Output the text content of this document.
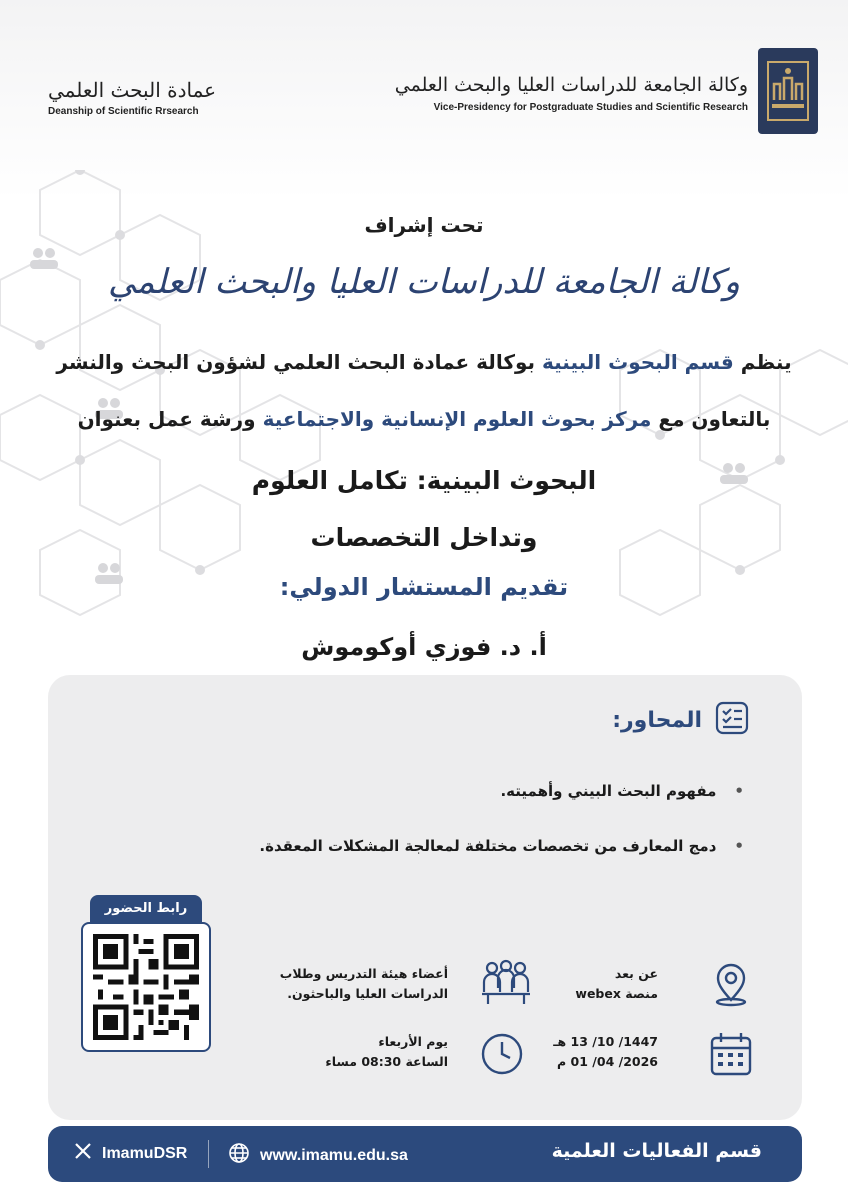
وكالة الجامعة للدراسات العليا والبحث العلمي
Vice-Presidency for Postgraduate Studies and Scientific Research
عمادة البحث العلمي
Deanship of Scientific Rrsearch
تحت إشراف
وكالة الجامعة للدراسات العليا والبحث العلمي
ينظم قسم البحوث البينية بوكالة عمادة البحث العلمي لشؤون البحث والنشر
بالتعاون مع مركز بحوث العلوم الإنسانية والاجتماعية ورشة عمل بعنوان
البحوث البينية: تكامل العلوم
وتداخل التخصصات
تقديم المستشار الدولي:
أ. د. فوزي أوكوموش
المحاور:
•
مفهوم البحث البيني وأهميته.
•
دمج المعارف من تخصصات مختلفة لمعالجة المشكلات المعقدة.
رابط الحضور
عن بعد
منصة webex
أعضاء هيئة التدريس وطلاب
الدراسات العليا والباحثون.
1447/ 10/ 13 هـ
2026/ 04/ 01 م
يوم الأربعاء
الساعة 08:30 مساء
ImamuDSR	www.imamu.edu.sa	قسم الفعاليات العلمية
